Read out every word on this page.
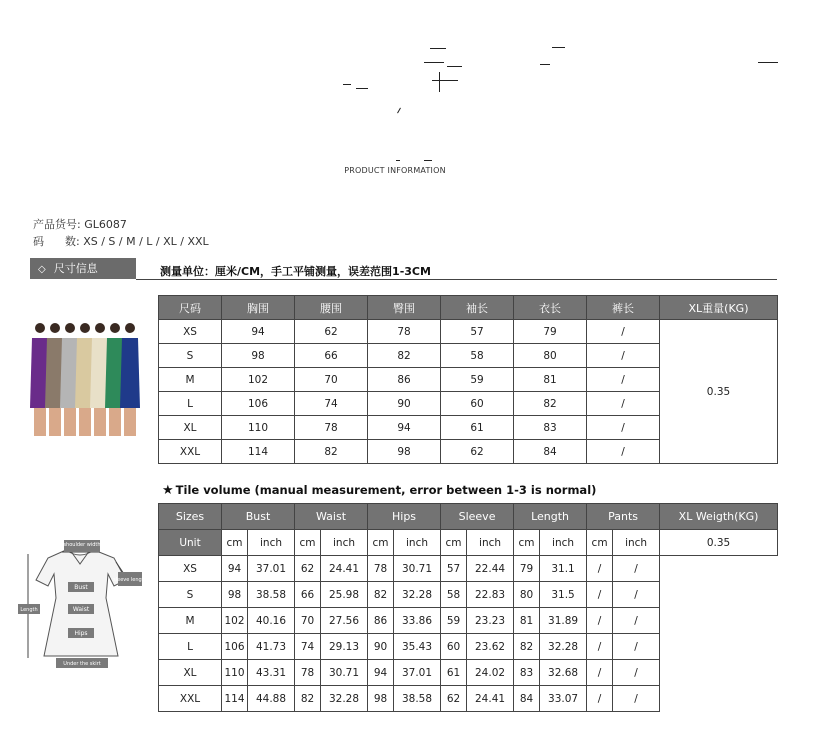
PRODUCT INFORMATION
产品货号: GL6087
码      数: XS / S / M / L / XL / XXL
◇ 尺寸信息	测量单位：厘米/CM，手工平铺测量，误差范围1-3CM
尺码	胸围	腰围	臀围	袖长	衣长	裤长	XL重量(KG)
XS	94	62	78	57	79	/	0.35
S	98	66	82	58	80	/	
M	102	70	86	59	81	/	
L	106	74	90	60	82	/	
XL	110	78	94	61	83	/	
XXL	114	82	98	62	84	/	
★ Tile volume (manual measurement, error between 1-3 is normal)
shoulder width
sleeve length
Bust
Waist
Hips
Length
Under the skirt
Sizes	Bust		Waist		Hips		Sleeve		Length		Pants		XL Weigth(KG)
Unit	cm	inch	cm	inch	cm	inch	cm	inch	cm	inch	cm	inch	0.35
XS	94	37.01	62	24.41	78	30.71	57	22.44	79	31.1	/	/	
S	98	38.58	66	25.98	82	32.28	58	22.83	80	31.5	/	/	
M	102	40.16	70	27.56	86	33.86	59	23.23	81	31.89	/	/	
L	106	41.73	74	29.13	90	35.43	60	23.62	82	32.28	/	/	
XL	110	43.31	78	30.71	94	37.01	61	24.02	83	32.68	/	/	
XXL	114	44.88	82	32.28	98	38.58	62	24.41	84	33.07	/	/	
